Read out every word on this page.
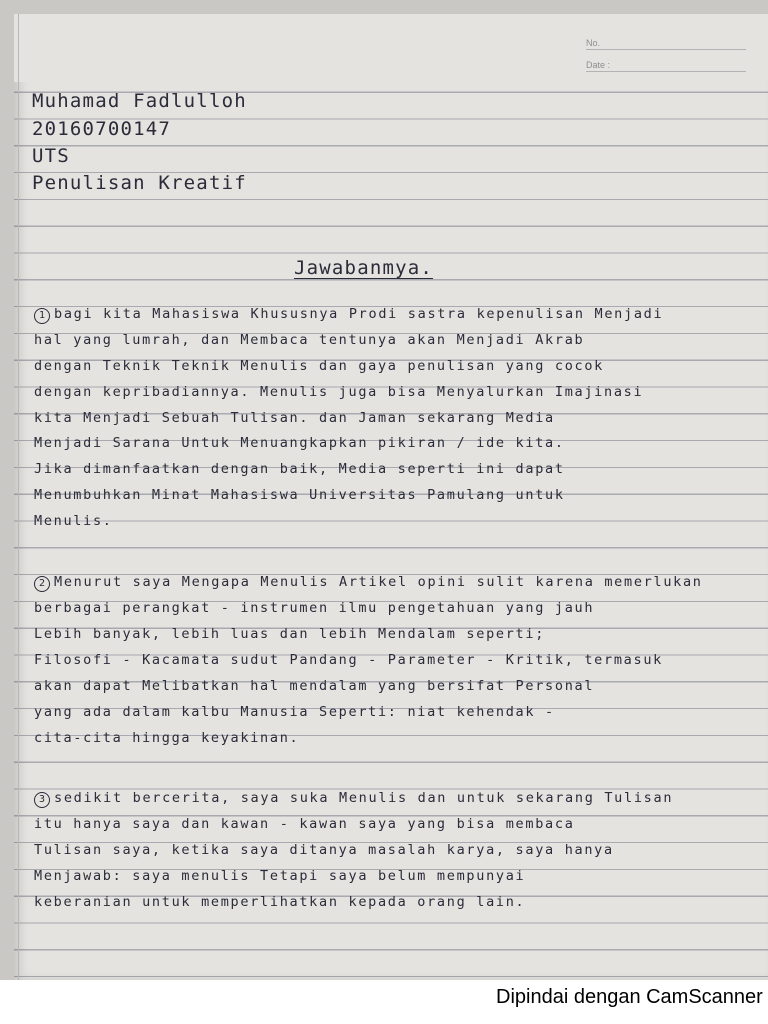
No.
Date :
Muhamad Fadlulloh
20160700147
UTS
Penulisan Kreatif
Jawabanmya.
1 bagi kita Mahasiswa Khususnya Prodi sastra kepenulisan Menjadi
hal yang lumrah, dan Membaca tentunya akan Menjadi Akrab
dengan Teknik Teknik Menulis dan gaya penulisan yang cocok
dengan kepribadiannya. Menulis juga bisa Menyalurkan Imajinasi
kita Menjadi Sebuah Tulisan. dan Jaman sekarang Media
Menjadi Sarana Untuk Menuangkapkan pikiran / ide kita.
Jika dimanfaatkan dengan baik, Media seperti ini dapat
Menumbuhkan Minat Mahasiswa Universitas Pamulang untuk
Menulis.
2 Menurut saya Mengapa Menulis Artikel opini sulit karena memerlukan
berbagai perangkat - instrumen ilmu pengetahuan yang jauh
Lebih banyak, lebih luas dan lebih Mendalam seperti;
Filosofi - Kacamata sudut Pandang - Parameter - Kritik, termasuk
akan dapat Melibatkan hal mendalam yang bersifat Personal
yang ada dalam kalbu Manusia Seperti: niat kehendak -
cita-cita hingga keyakinan.
3 sedikit bercerita, saya suka Menulis dan untuk sekarang Tulisan
itu hanya saya dan kawan - kawan saya yang bisa membaca
Tulisan saya, ketika saya ditanya masalah karya, saya hanya
Menjawab: saya menulis Tetapi saya belum mempunyai
keberanian untuk memperlihatkan kepada orang lain.
Dipindai dengan CamScanner
